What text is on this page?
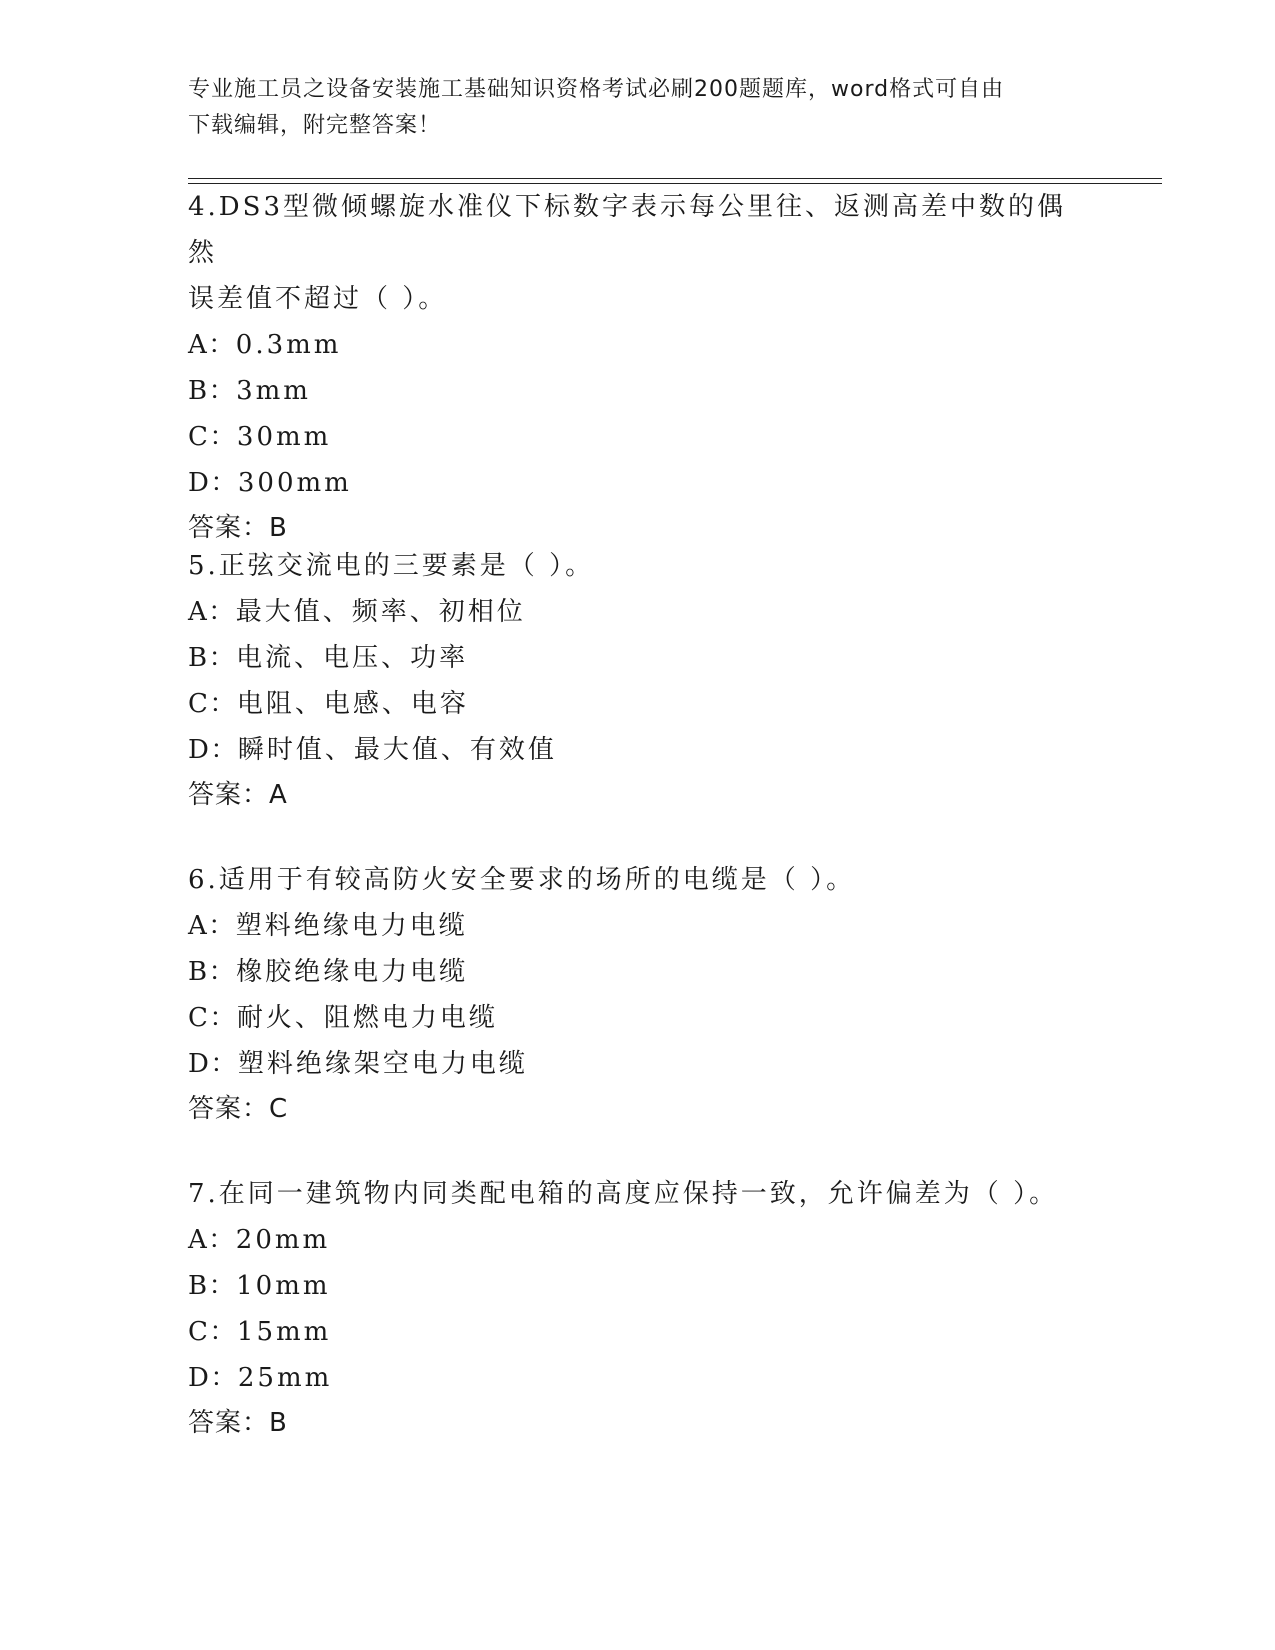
专业施工员之设备安装施工基础知识资格考试必刷200题题库，word格式可自由
下载编辑，附完整答案！

4.DS3型微倾螺旋水准仪下标数字表示每公里往、返测高差中数的偶然

误差值不超过（ ）。

A：0.3mm

B：3mm

C：30mm

D：300mm

答案：B

5.正弦交流电的三要素是（ ）。

A：最大值、频率、初相位

B：电流、电压、功率

C：电阻、电感、电容

D：瞬时值、最大值、有效值

答案：A

6.适用于有较高防火安全要求的场所的电缆是（ ）。

A：塑料绝缘电力电缆

B：橡胶绝缘电力电缆

C：耐火、阻燃电力电缆

D：塑料绝缘架空电力电缆

答案：C

7.在同一建筑物内同类配电箱的高度应保持一致，允许偏差为（ ）。

A：20mm

B：10mm

C：15mm

D：25mm

答案：B
